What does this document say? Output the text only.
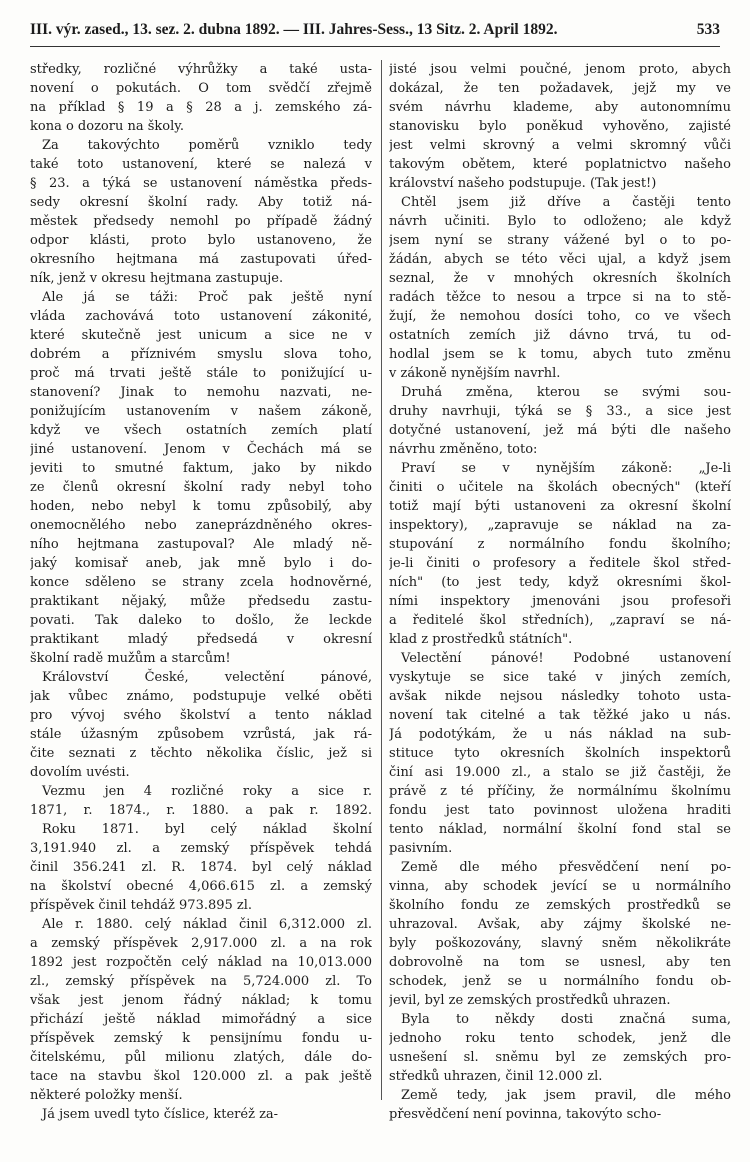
III. výr. zased., 13. sez. 2. dubna 1892. — III. Jahres-Sess., 13 Sitz. 2. April 1892.	533
středky, rozličné výhrůžky a také usta-
novení o pokutách. O tom svědčí zřejmě
na příklad § 19 a § 28 a j. zemského zá-
kona o dozoru na školy.
Za takovýchto poměrů vzniklo tedy
také toto ustanovení, které se nalezá v
§ 23. a týká se ustanovení náměstka předs-
sedy okresní školní rady. Aby totiž ná-
městek předsedy nemohl po případě žádný
odpor klásti, proto bylo ustanoveno, že
okresního hejtmana má zastupovati úřed-
ník, jenž v okresu hejtmana zastupuje.
Ale já se tážiː Proč pak ještě nyní
vláda zachovává toto ustanovení zákonité,
které skutečně jest unicum a sice ne v
dobrém a příznivém smyslu slova toho,
proč má trvati ještě stále to ponižující u-
stanovení? Jinak to nemohu nazvati, ne-
ponižujícím ustanovením v našem zákoně,
když ve všech ostatních zemích platí
jiné ustanovení. Jenom v Čechách má se
jeviti to smutné faktum, jako by nikdo
ze členů okresní školní rady nebyl toho
hoden, nebo nebyl k tomu způsobilý, aby
onemocnělého nebo zaneprázdněného okres-
ního hejtmana zastupoval? Ale mladý ně-
jaký komisař aneb, jak mně bylo i do-
konce sděleno se strany zcela hodnověrné,
praktikant nějaký, může předsedu zastu-
povati. Tak daleko to došlo, že leckde
praktikant mladý předsedá v okresní
školní radě mužům a starcům!
Království České, velectění pánové,
jak vůbec známo, podstupuje velké oběti
pro vývoj svého školství a tento náklad
stále úžasným způsobem vzrůstá, jak rá-
čite seznati z těchto několika číslic, jež si
dovolím uvésti.
Vezmu jen 4 rozličné roky a sice r.
1871, r. 1874., r. 1880. a pak r. 1892.
Roku 1871. byl celý náklad školní
3,191.940 zl. a zemský příspěvek tehdá
činil 356.241 zl. R. 1874. byl celý náklad
na školství obecné 4,066.615 zl. a zemský
příspěvek činil tehdáž 973.895 zl.
Ale r. 1880. celý náklad činil 6,312.000 zl.
a zemský příspěvek 2,917.000 zl. a na rok
1892 jest rozpočtěn celý náklad na 10,013.000
zl., zemský příspěvek na 5,724.000 zl. To
však jest jenom řádný náklad; k tomu
přichází ještě náklad mimořádný a sice
příspěvek zemský k pensijnímu fondu u-
čitelskému, půl milionu zlatých, dále do-
tace na stavbu škol 120.000 zl. a pak ještě
některé položky menší.
Já jsem uvedl tyto číslice, kteréž za-
jisté jsou velmi poučné, jenom proto, abych
dokázal, že ten požadavek, jejž my ve
svém návrhu klademe, aby autonomnímu
stanovisku bylo poněkud vyhověno, zajisté
jest velmi skrovný a velmi skromný vůči
takovým obětem, které poplatnictvo našeho
království našeho podstupuje. (Tak jest!)
Chtěl jsem již dříve a častěji tento
návrh učiniti. Bylo to odloženo; ale když
jsem nyní se strany vážené byl o to po-
žádán, abych se této věci ujal, a když jsem
seznal, že v mnohých okresních školních
radách těžce to nesou a trpce si na to stě-
žují, že nemohou dosíci toho, co ve všech
ostatních zemích již dávno trvá, tu od-
hodlal jsem se k tomu, abych tuto změnu
v zákoně nynějším navrhl.
Druhá změna, kterou se svými sou-
druhy navrhuji, týká se § 33., a sice jest
dotyčné ustanovení, jež má býti dle našeho
návrhu změněno, toto:
Praví se v nynějším zákoně: „Je-li
činiti o učitele na školách obecných" (kteří
totiž mají býti ustanoveni za okresní školní
inspektory), „zapravuje se náklad na za-
stupování z normálního fondu školního;
je-li činiti o profesory a ředitele škol střed-
ních" (to jest tedy, když okresními škol-
ními inspektory jmenováni jsou profesoři
a ředitelé škol středních), „zapraví se ná-
klad z prostředků státních".
Velectění pánové! Podobné ustanovení
vyskytuje se sice také v jiných zemích,
avšak nikde nejsou následky tohoto usta-
novení tak citelné a tak těžké jako u nás.
Já podotýkám, že u nás náklad na sub-
stituce tyto okresních školních inspektorů
činí asi 19.000 zl., a stalo se již častěji, že
právě z té příčiny, že normálnímu školnímu
fondu jest tato povinnost uložena hraditi
tento náklad, normální školní fond stal se
pasivním.
Země dle mého přesvědčení není po-
vinna, aby schodek jevící se u normálního
školního fondu ze zemských prostředků se
uhrazoval. Avšak, aby zájmy školské ne-
byly poškozovány, slavný sněm několikráte
dobrovolně na tom se usnesl, aby ten
schodek, jenž se u normálního fondu ob-
jevil, byl ze zemských prostředků uhrazen.
Byla to někdy dosti značná suma,
jednoho roku tento schodek, jenž dle
usnešení sl. sněmu byl ze zemských pro-
středků uhrazen, činil 12.000 zl.
Země tedy, jak jsem pravil, dle mého
přesvědčení není povinna, takovýto scho-
